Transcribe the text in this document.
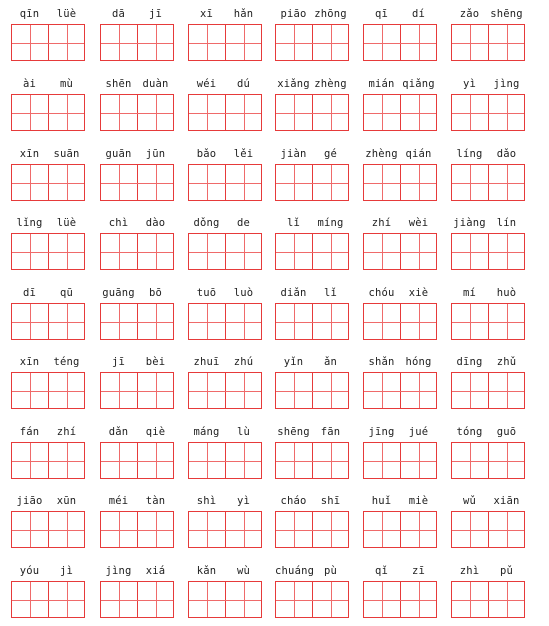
qīn	lüè	dā	jī	xī	hǎn	piāo zhōng	qī	dí	zǎo	shēng
ài	mù	shēn	duàn	wéi	dú	xiǎng zhèng	mián qiǎng	yì	jìng
xīn	suān	guān	jūn	bǎo	lěi	jiàn	gé	zhèng qián	líng	dǎo
lǐng	lüè	chì	dào	dǒng	de	lǐ	míng	zhí	wèi	jiàng	lín
dī	qū	guāng	bō	tuō	luò	diǎn	lǐ	chóu	xiè	mí	huò
xīn	téng	jī	bèi	zhuī	zhú	yǐn	ǎn	shǎn	hóng	dīng	zhǔ
fán	zhí	dǎn	qiè	máng	lù	shēng	fān	jīng	jué	tóng	guō
jiāo	xūn	méi	tàn	shì	yì	cháo	shī	huǐ	miè	wǔ	xiān
yóu	jì	jìng	xiá	kǎn	wù	chuáng pù	qǐ	zī	zhì	pǔ
